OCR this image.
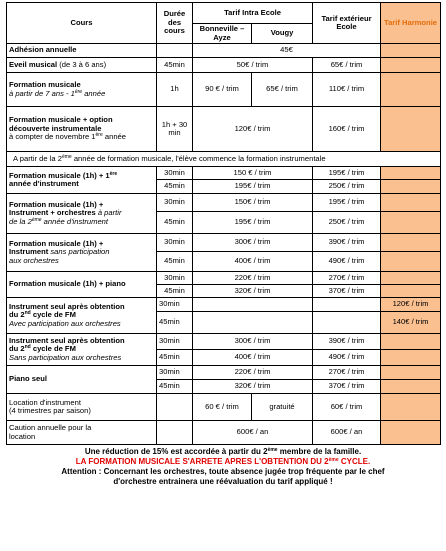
Cours	Durée des cours	Tarif Intra Ecole		Tarif extérieur Ecole	Tarif Harmonie
		Bonneville – Ayze	Vougy		
Adhésion annuelle		45€			
Eveil musical (de 3 à 6 ans)	45min	50€ / trim		65€ / trim	
Formation musicale
à partir de 7 ans - 1ère année	1h	90 € / trim	65€ / trim	110€ / trim	
Formation musicale + option découverte instrumentale
à compter de novembre 1ère année	1h + 30 min	120€ / trim		160€ / trim	
A partir de la 2ème année de formation musicale, l'élève commence la formation instrumentale					
Formation musicale (1h) + 1ère
année d'instrument	30min	150 € / trim		195€ / trim	
	45min	195€ / trim		250€ / trim	
Formation musicale (1h) +
Instrument + orchestres à partir
de la 2ème année d'instrument	30min	150€ / trim		195€ / trim	
	45min	195€ / trim		250€ / trim	
Formation musicale (1h) +
Instrument sans participation
aux orchestres	30min	300€ / trim		390€ / trim	
	45min	400€ / trim		490€ / trim	
Formation musicale (1h) + piano	30min	220€ / trim		270€ / trim	
	45min	320€ / trim		370€ / trim	
Instrument seul après obtention
du 2nd cycle de FM
Avec participation aux orchestres	30min				120€ / trim
	45min				140€ / trim
Instrument seul après obtention
du 2nd cycle de FM
Sans participation aux orchestres	30min	300€ / trim		390€ / trim	
	45min	400€ / trim		490€ / trim	
Piano seul	30min	220€ / trim		270€ / trim	
	45min	320€ / trim		370€ / trim	
Location d'instrument
(4 trimestres par saison)		60 € / trim	gratuité	60€ / trim	
Caution annuelle pour la
location		600€ / an		600€ / an	
Une réduction de 15% est accordée à partir du 2ème membre de la famille.
LA FORMATION MUSICALE S'ARRETE APRES L'OBTENTION DU 2ème CYCLE.
Attention : Concernant les orchestres, toute absence jugée trop fréquente par le chef
d'orchestre entrainera une réévaluation du tarif appliqué !
